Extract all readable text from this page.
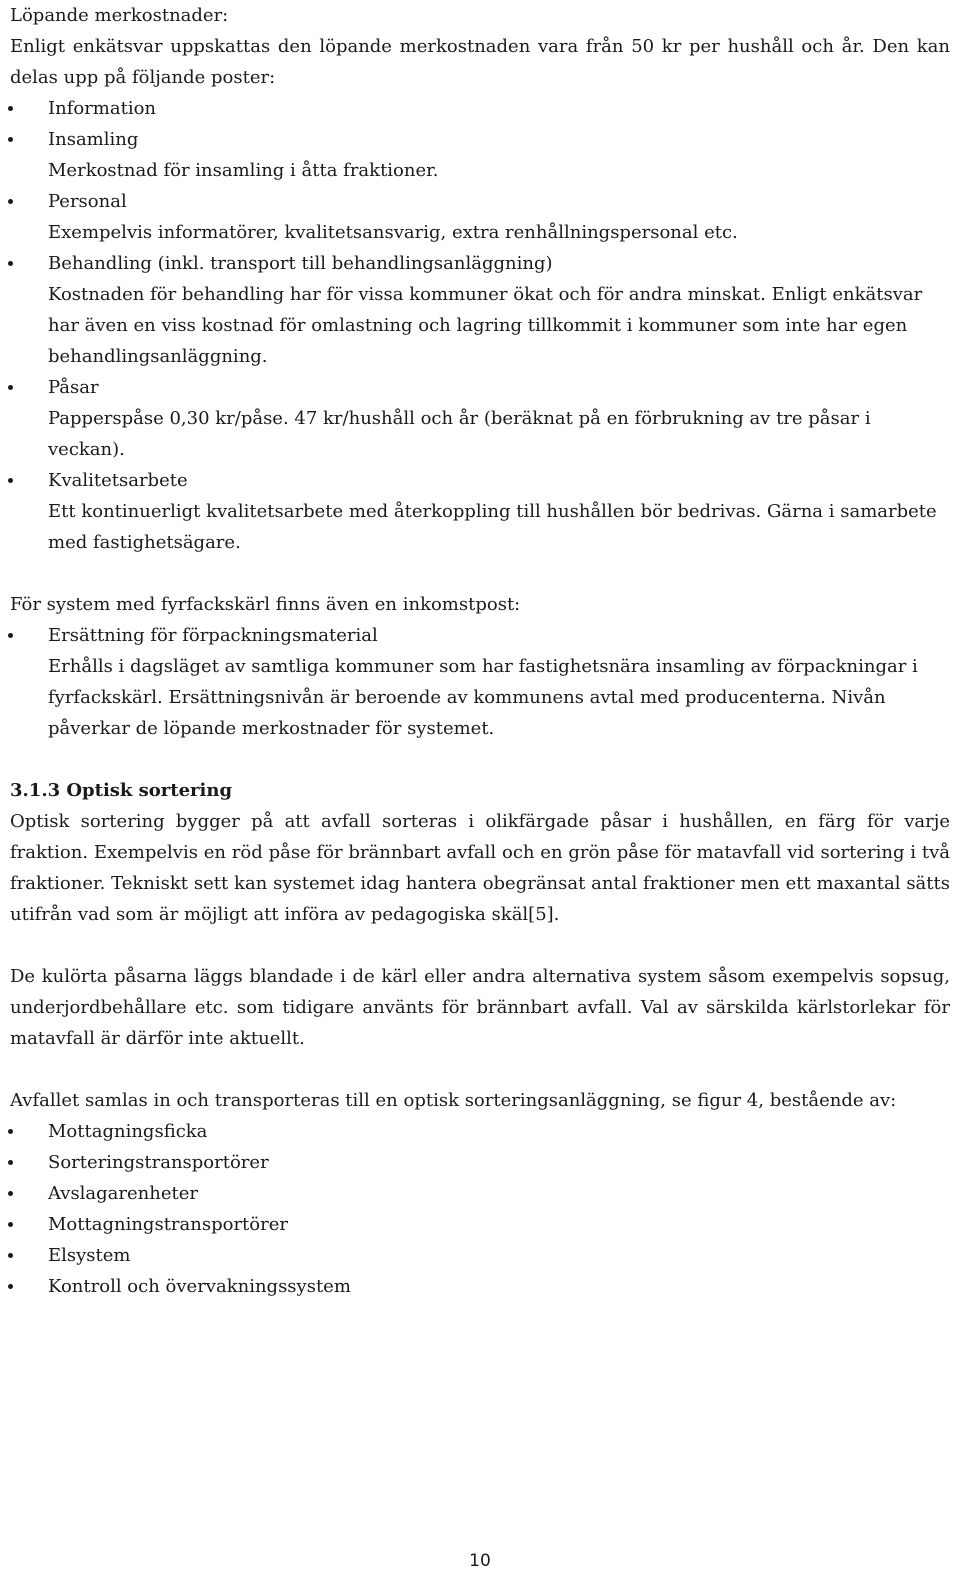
Löpande merkostnader:

Enligt enkätsvar uppskattas den löpande merkostnaden vara från 50 kr per hushåll och år. Den kan delas upp på följande poster:

Information
Insamling
Merkostnad för insamling i åtta fraktioner.
Personal
Exempelvis informatörer, kvalitetsansvarig, extra renhållningspersonal etc.
Behandling (inkl. transport till behandlingsanläggning)
Kostnaden för behandling har för vissa kommuner ökat och för andra minskat. Enligt enkätsvar har även en viss kostnad för omlastning och lagring tillkommit i kommuner som inte har egen behandlingsanläggning.
Påsar
Papperspåse 0,30 kr/påse. 47 kr/hushåll och år (beräknat på en förbrukning av tre påsar i veckan).
Kvalitetsarbete
Ett kontinuerligt kvalitetsarbete med återkoppling till hushållen bör bedrivas. Gärna i samarbete med fastighetsägare.

För system med fyrfackskärl finns även en inkomstpost:

Ersättning för förpackningsmaterial
Erhålls i dagsläget av samtliga kommuner som har fastighetsnära insamling av förpackningar i fyrfackskärl. Ersättningsnivån är beroende av kommunens avtal med producenterna. Nivån påverkar de löpande merkostnader för systemet.

3.1.3 Optisk sortering

Optisk sortering bygger på att avfall sorteras i olikfärgade påsar i hushållen, en färg för varje fraktion. Exempelvis en röd påse för brännbart avfall och en grön påse för matavfall vid sortering i två fraktioner. Tekniskt sett kan systemet idag hantera obegränsat antal fraktioner men ett maxantal sätts utifrån vad som är möjligt att införa av pedagogiska skäl[5].

De kulörta påsarna läggs blandade i de kärl eller andra alternativa system såsom exempelvis sopsug, underjordbehållare etc. som tidigare använts för brännbart avfall. Val av särskilda kärlstorlekar för matavfall är därför inte aktuellt.

Avfallet samlas in och transporteras till en optisk sorteringsanläggning, se figur 4, bestående av:

Mottagningsficka
Sorteringstransportörer
Avslagarenheter
Mottagningstransportörer
Elsystem
Kontroll och övervakningssystem
10
